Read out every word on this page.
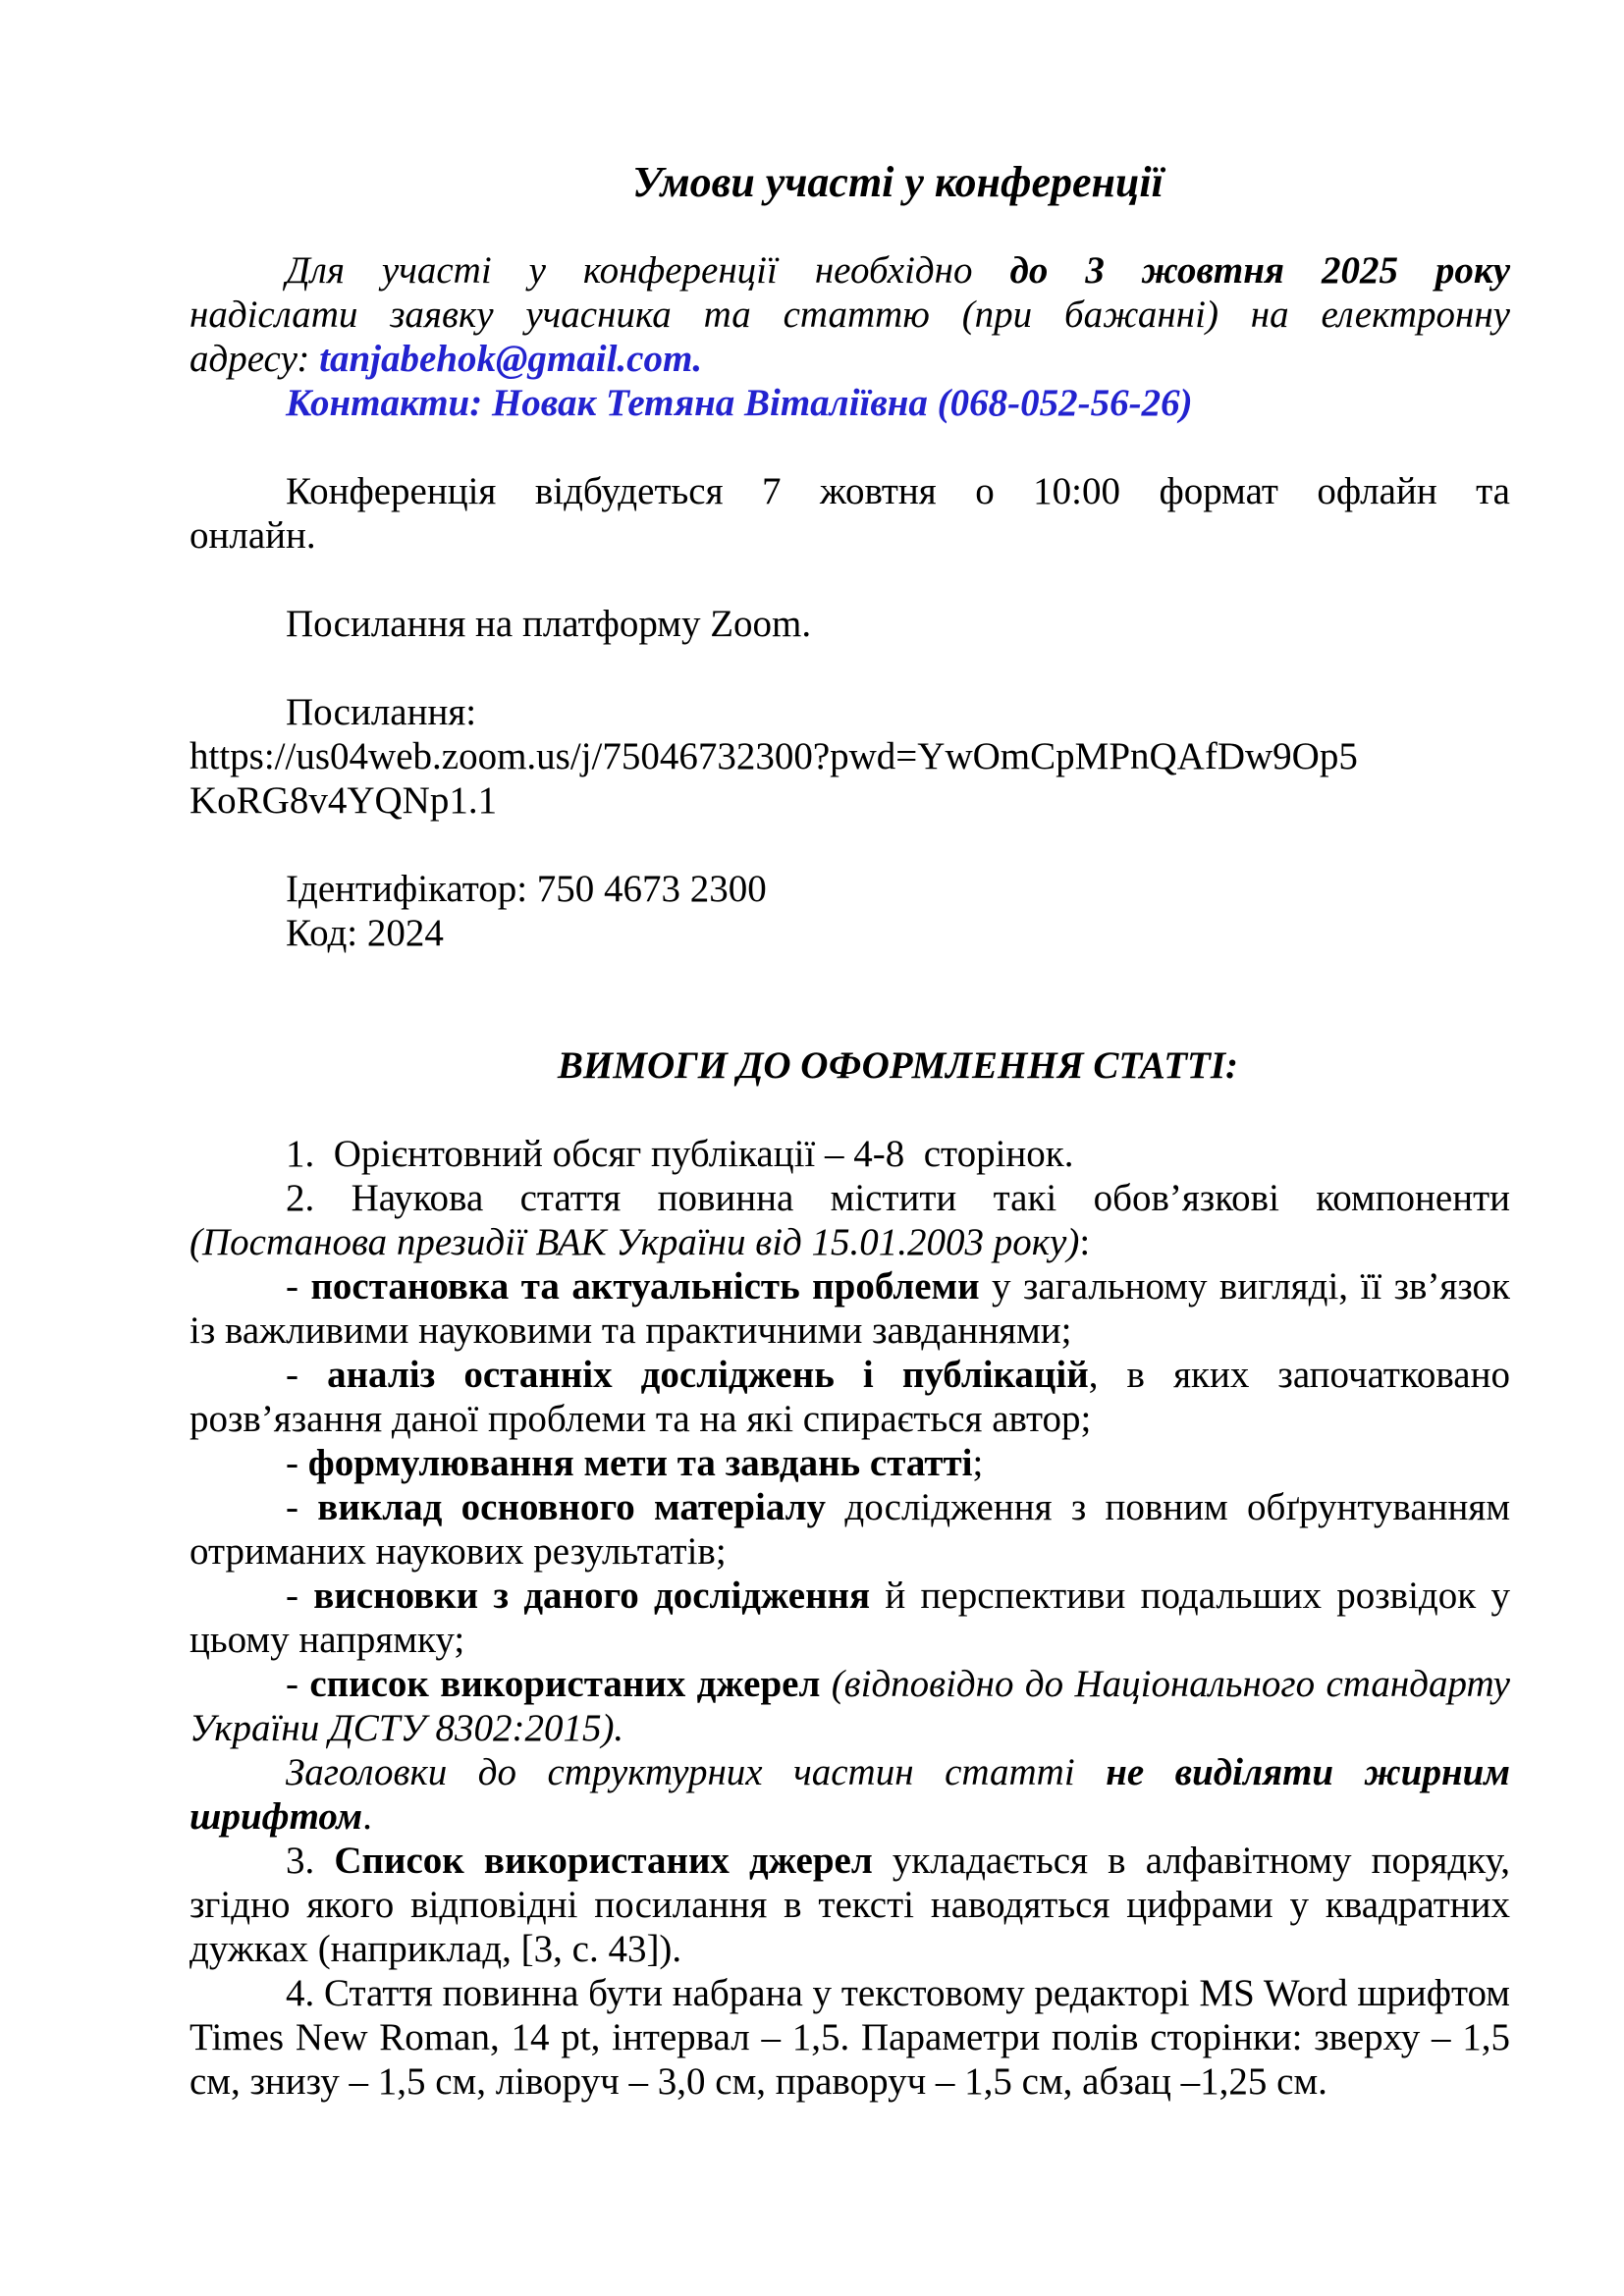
Умови участі у конференції
Для участі у конференції необхідно до 3 жовтня 2025 року
надіслати заявку учасника та статтю (при бажанні) на електронну
адресу: tanjabehok@gmail.com.
Контакти: Новак Тетяна Віталіївна (068-052-56-26)
Конференція відбудеться 7 жовтня о 10:00 формат офлайн та
онлайн.
Посилання на платформу Zoom.
Посилання:
https://us04web.zoom.us/j/75046732300?pwd=YwOmCpMPnQAfDw9Op5
KoRG8v4YQNp1.1
Ідентифікатор: 750 4673 2300
Код: 2024
ВИМОГИ ДО ОФОРМЛЕННЯ СТАТТІ:
1.  Орієнтовний обсяг публікації – 4-8  сторінок.
2. Наукова стаття повинна містити такі обов’язкові компоненти
(Постанова президії ВАК України від 15.01.2003 року):
- постановка та актуальність проблеми у загальному вигляді, її зв’язок
із важливими науковими та практичними завданнями;
- аналіз останніх досліджень і публікацій, в яких започатковано
розв’язання даної проблеми та на які спирається автор;
- формулювання мети та завдань статті;
- виклад основного матеріалу дослідження з повним обґрунтуванням
отриманих наукових результатів;
- висновки з даного дослідження й перспективи подальших розвідок у
цьому напрямку;
- список використаних джерел (відповідно до Національного стандарту
України ДСТУ 8302:2015).
Заголовки до структурних частин статті не виділяти жирним
шрифтом.
3. Список використаних джерел укладається в алфавітному порядку,
згідно якого відповідні посилання в тексті наводяться цифрами у квадратних
дужках (наприклад, [3, с. 43]).
4. Стаття повинна бути набрана у текстовому редакторі MS Word шрифтом
Times New Roman, 14 pt, інтервал – 1,5. Параметри полів сторінки: зверху – 1,5
см, знизу – 1,5 см, ліворуч – 3,0 см, праворуч – 1,5 см, абзац –1,25 см.
